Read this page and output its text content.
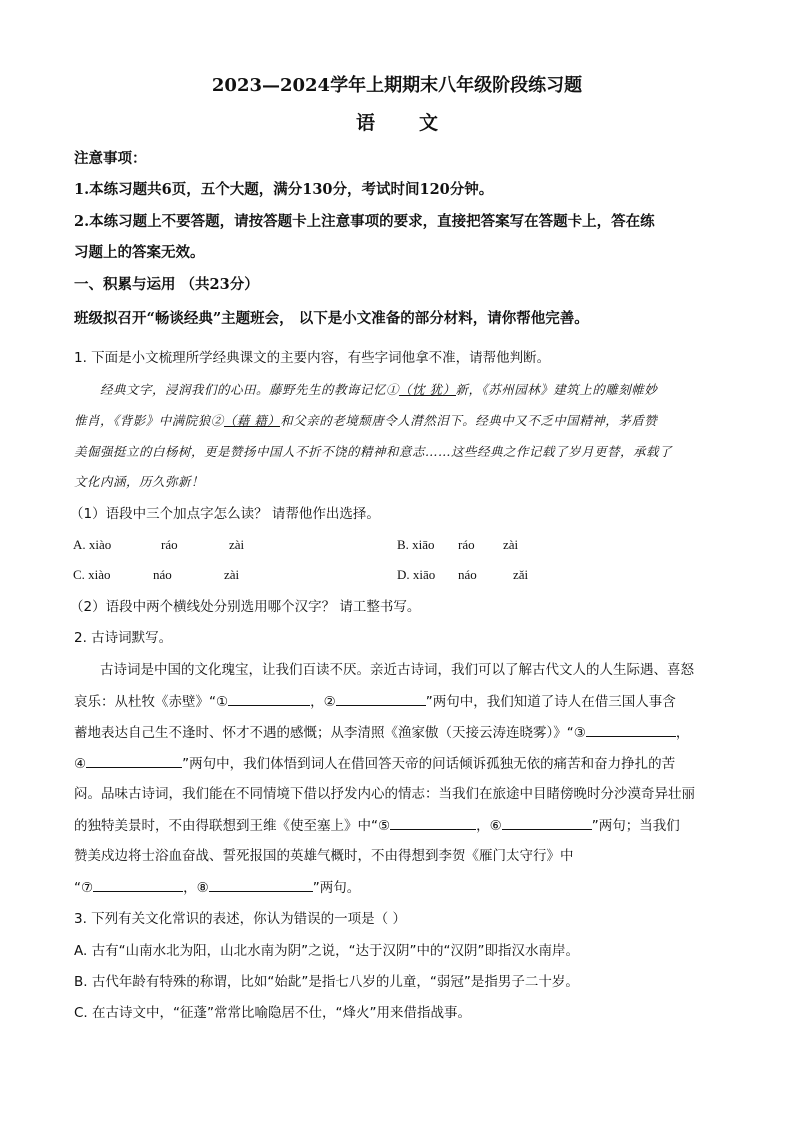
2023—2024学年上期期末八年级阶段练习题
语 文
注意事项：
1.本练习题共6页，五个大题，满分130分，考试时间120分钟。
2.本练习题上不要答题，请按答题卡上注意事项的要求，直接把答案写在答题卡上，答在练
习题上的答案无效。
一、积累与运用 （共23分）
班级拟召开“畅谈经典”主题班会， 以下是小文准备的部分材料，请你帮他完善。
1. 下面是小文梳理所学经典课文的主要内容，有些字词他拿不准，请帮他判断。
经典文字，浸润我们的心田。藤野先生的教诲记忆①（忱 犹）新，《苏州园林》建筑上的雕刻帷妙
惟肖，《背影》中满院狼②（藉 籍）和父亲的老境颓唐令人潸然泪下。经典中又不乏中国精神，茅盾赞
美倔强挺立的白杨树，更是赞扬中国人不折不饶的精神和意志……这些经典之作记载了岁月更替，承载了
文化内涵，历久弥新！
（1）语段中三个加点字怎么读？ 请帮他作出选择。
A. xiào	ráo	zài	B. xiāo ráo zài
C. xiào	náo	zài	D. xiāo náo	zǎi
（2）语段中两个横线处分别选用哪个汉字？ 请工整书写。
2. 古诗词默写。
古诗词是中国的文化瑰宝，让我们百读不厌。亲近古诗词，我们可以了解古代文人的人生际遇、喜怒
哀乐：从杜牧《赤壁》“①	，②	”两句中，我们知道了诗人在借三国人事含
蓄地表达自己生不逢时、怀才不遇的感慨；从李清照《渔家傲（天接云涛连晓雾）》“③	，
④	”两句中，我们体悟到词人在借回答天帝的问话倾诉孤独无依的痛苦和奋力挣扎的苦
闷。品味古诗词，我们能在不同情境下借以抒发内心的情志：当我们在旅途中目睹傍晚时分沙漠奇异壮丽
的独特美景时，不由得联想到王维《使至塞上》中“⑤	，⑥	”两句；当我们
赞美戍边将士浴血奋战、誓死报国的英雄气概时，不由得想到李贺《雁门太守行》中
“⑦	，⑧	”两句。
3. 下列有关文化常识的表述，你认为错误的一项是（ ）
A. 古有“山南水北为阳，山北水南为阴”之说，“达于汉阴”中的“汉阴”即指汉水南岸。
B. 古代年龄有特殊的称谓，比如“始龀”是指七八岁的儿童，“弱冠”是指男子二十岁。
C. 在古诗文中，“征蓬”常常比喻隐居不仕，“烽火”用来借指战事。
